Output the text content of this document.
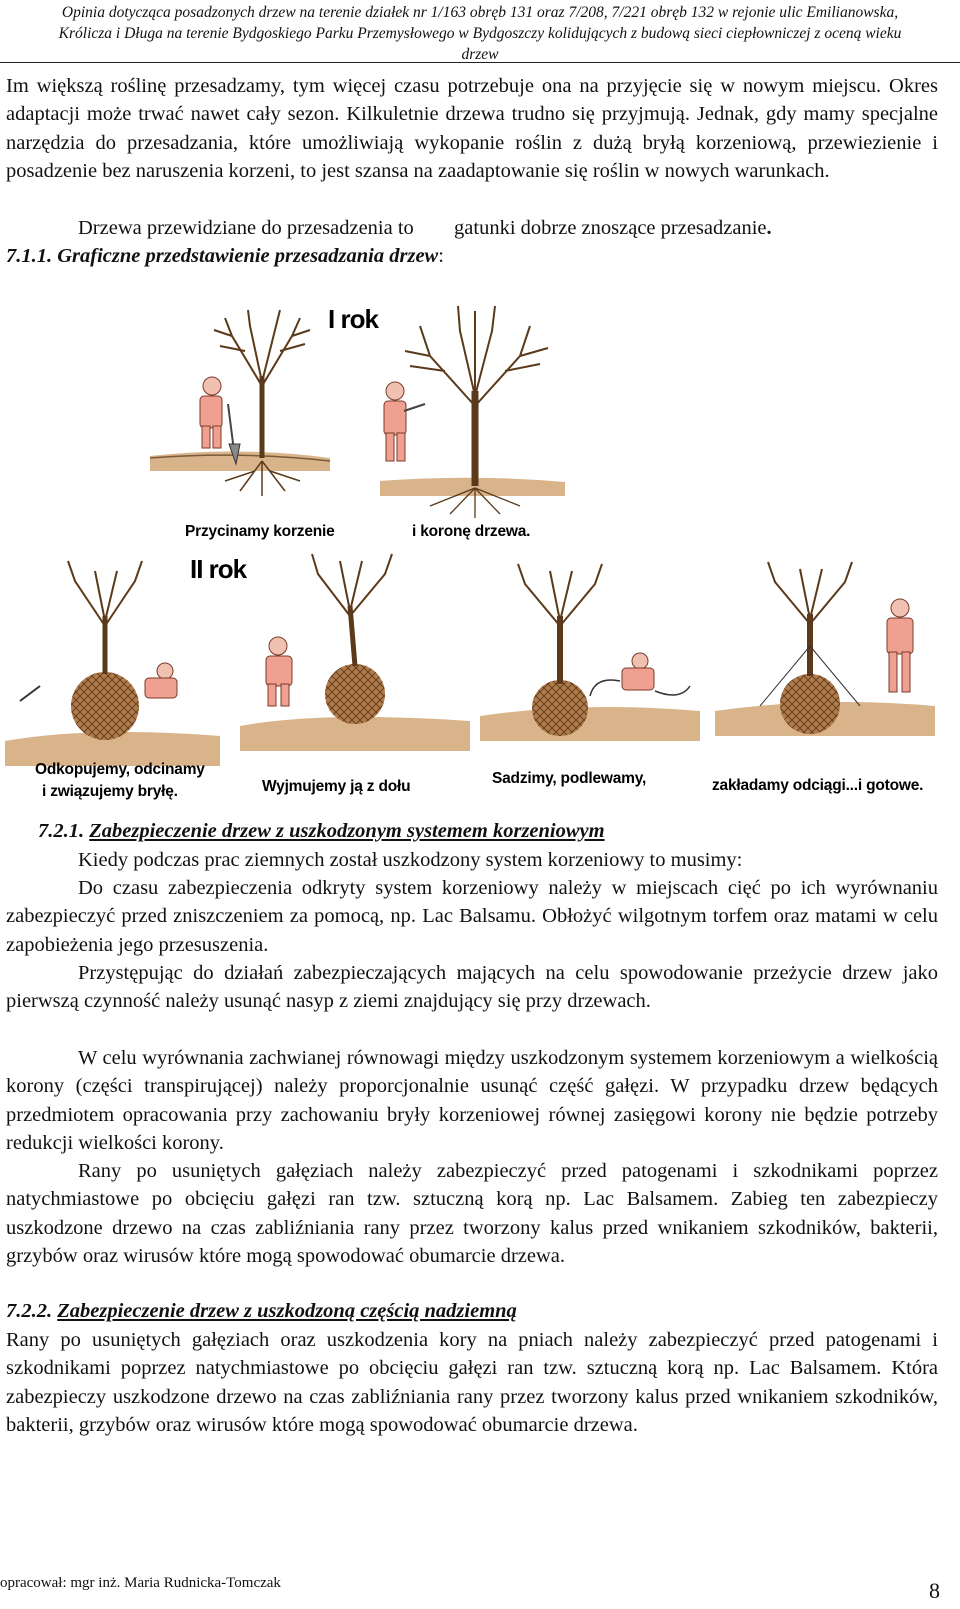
Opinia dotycząca posadzonych drzew na terenie działek nr 1/163 obręb 131 oraz 7/208, 7/221 obręb 132 w rejonie ulic Emilianowska,
Królicza i Długa na terenie Bydgoskiego Parku Przemysłowego w Bydgoszczy kolidujących z budową sieci ciepłowniczej z oceną wieku
drzew
Im większą roślinę przesadzamy, tym więcej czasu potrzebuje ona na przyjęcie się w nowym miejscu. Okres adaptacji może trwać nawet cały sezon. Kilkuletnie drzewa trudno się przyjmują. Jednak, gdy mamy specjalne narzędzia do przesadzania, które umożliwiają wykopanie roślin z dużą bryłą korzeniową, przewiezienie i posadzenie bez naruszenia korzeni, to jest szansa na zaadaptowanie się roślin w nowych warunkach.
Drzewa przewidziane do przesadzenia to gatunki dobrze znoszące przesadzanie.
7.1.1. Graficzne przedstawienie przesadzania drzew:
Przycinamy korzenie
I rok
i koronę drzewa.
II rok
Odkopujemy, odcinamy
i związujemy bryłę.	Wyjmujemy ją z dołu	Sadzimy, podlewamy,	zakładamy odciągi...i gotowe.
7.2.1. Zabezpieczenie drzew z uszkodzonym systemem korzeniowym
Kiedy podczas prac ziemnych został uszkodzony system korzeniowy to musimy:
Do czasu zabezpieczenia odkryty system korzeniowy należy w miejscach cięć po ich wyrównaniu zabezpieczyć przed zniszczeniem za pomocą, np. Lac Balsamu. Obłożyć wilgotnym torfem oraz matami w celu zapobieżenia jego przesuszenia.
Przystępując do działań zabezpieczających mających na celu spowodowanie przeżycie drzew jako pierwszą czynność należy usunąć nasyp z ziemi znajdujący się przy drzewach.
W celu wyrównania zachwianej równowagi między uszkodzonym systemem korzeniowym a wielkością korony (części transpirującej) należy proporcjonalnie usunąć część gałęzi. W przypadku drzew będących przedmiotem opracowania przy zachowaniu bryły korzeniowej równej zasięgowi korony nie będzie potrzeby redukcji wielkości korony.
Rany po usuniętych gałęziach należy zabezpieczyć przed patogenami i szkodnikami poprzez natychmiastowe po obcięciu gałęzi ran tzw. sztuczną korą np. Lac Balsamem. Zabieg ten zabezpieczy uszkodzone drzewo na czas zabliźniania rany przez tworzony kalus przed wnikaniem szkodników, bakterii, grzybów oraz wirusów które mogą spowodować obumarcie drzewa.
7.2.2. Zabezpieczenie drzew z uszkodzoną częścią nadziemną
Rany po usuniętych gałęziach oraz uszkodzenia kory na pniach należy zabezpieczyć przed patogenami i szkodnikami poprzez natychmiastowe po obcięciu gałęzi ran tzw. sztuczną korą np. Lac Balsamem. Która zabezpieczy uszkodzone drzewo na czas zabliźniania rany przez tworzony kalus przed wnikaniem szkodników, bakterii, grzybów oraz wirusów które mogą spowodować obumarcie drzewa.
opracował: mgr inż. Maria Rudnicka-Tomczak	8
